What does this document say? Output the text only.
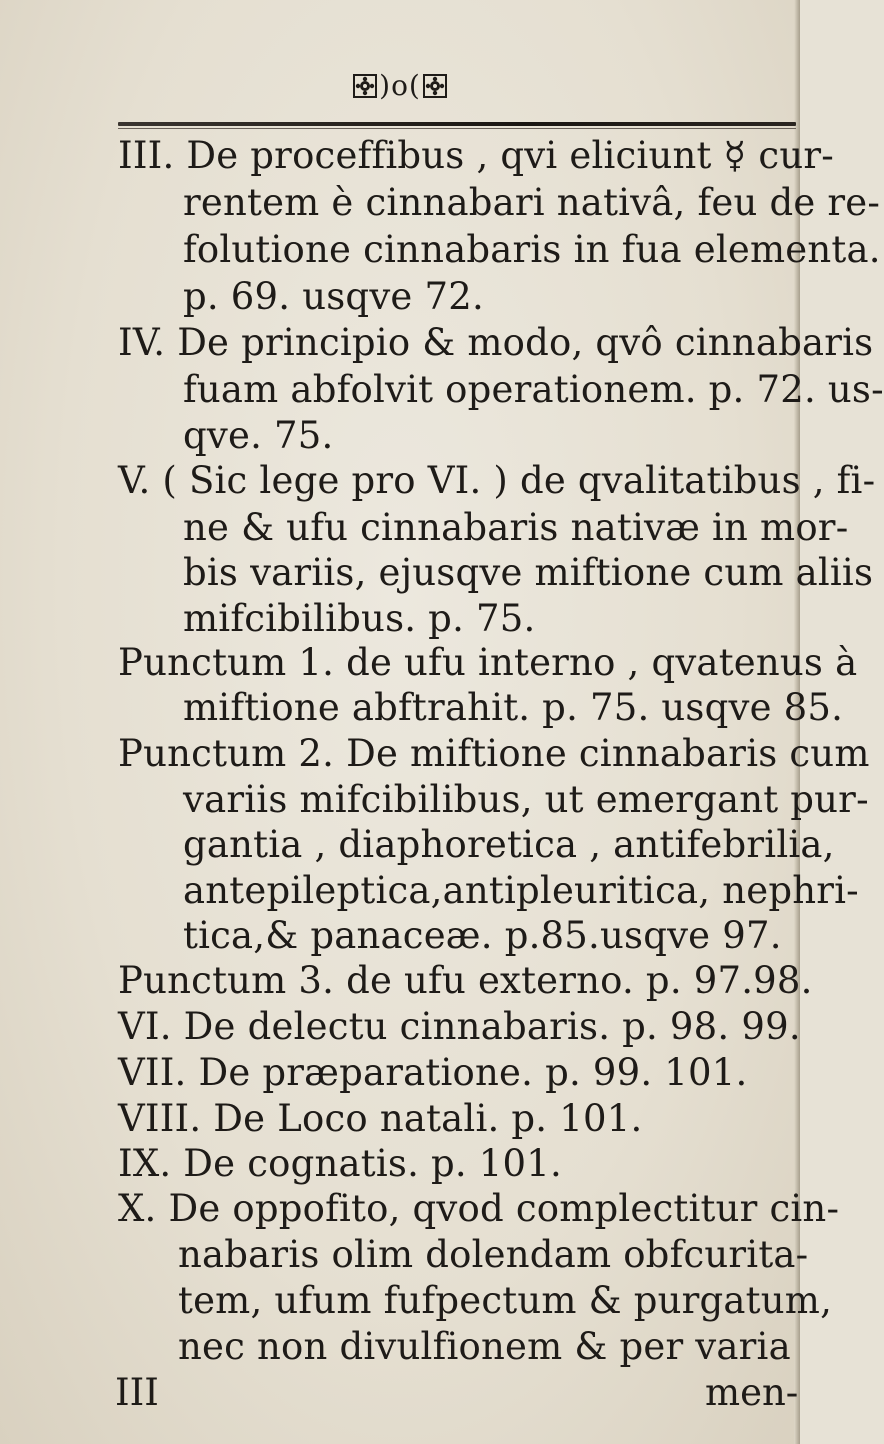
)o(
III. De proceffibus , qvi eliciunt ☿ cur-
rentem è cinnabari nativâ, feu de re-
folutione cinnabaris in fua elementa.
p. 69. usqve 72.
IV. De principio & modo, qvô cinnabaris
fuam abfolvit operationem. p. 72. us-
qve. 75.
V. ( Sic lege pro VI. ) de qvalitatibus , fi-
ne & ufu cinnabaris nativæ in mor-
bis variis, ejusqve miftione cum aliis
mifcibilibus. p. 75.
Punctum 1. de ufu interno , qvatenus à
miftione abftrahit. p. 75. usqve 85.
Punctum 2. De miftione cinnabaris cum
variis mifcibilibus, ut emergant pur-
gantia , diaphoretica , antifebrilia,
antepileptica,antipleuritica, nephri-
tica,& panaceæ. p.85.usqve 97.
Punctum 3. de ufu externo. p. 97.98.
VI. De delectu cinnabaris. p. 98. 99.
VII. De præparatione. p. 99. 101.
VIII. De Loco natali. p. 101.
IX. De cognatis. p. 101.
X. De oppofito, qvod complectitur cin-
nabaris olim dolendam obfcurita-
tem, ufum fufpectum & purgatum,
nec non divulfionem & per varia
III	men-
